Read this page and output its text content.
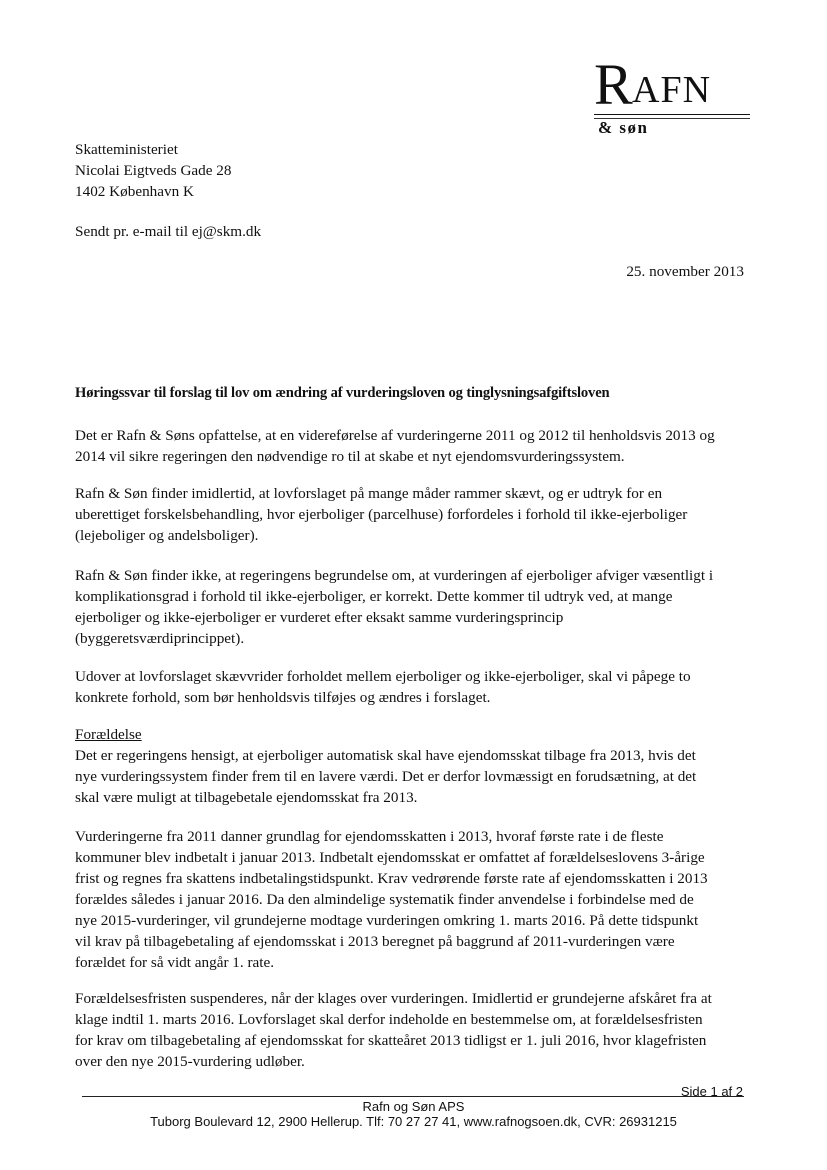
R AFN
& søn
Skatteministeriet
Nicolai Eigtveds Gade 28
1402 København K
Sendt pr. e-mail til ej@skm.dk
25. november 2013
Høringssvar til forslag til lov om ændring af vurderingsloven og tinglysningsafgiftsloven
Det er Rafn & Søns opfattelse, at en videreførelse af vurderingerne 2011 og 2012 til henholdsvis 2013 og
2014 vil sikre regeringen den nødvendige ro til at skabe et nyt ejendomsvurderingssystem.
Rafn & Søn finder imidlertid, at lovforslaget på mange måder rammer skævt, og er udtryk for en
uberettiget forskelsbehandling, hvor ejerboliger (parcelhuse) forfordeles i forhold til ikke-ejerboliger
(lejeboliger og andelsboliger).
Rafn & Søn finder ikke, at regeringens begrundelse om, at vurderingen af ejerboliger afviger væsentligt i
komplikationsgrad i forhold til ikke-ejerboliger, er korrekt. Dette kommer til udtryk ved, at mange
ejerboliger og ikke-ejerboliger er vurderet efter eksakt samme vurderingsprincip
(byggeretsværdiprincippet).
Udover at lovforslaget skævvrider forholdet mellem ejerboliger og ikke-ejerboliger, skal vi påpege to
konkrete forhold, som bør henholdsvis tilføjes og ændres i forslaget.
Forældelse
Det er regeringens hensigt, at ejerboliger automatisk skal have ejendomsskat tilbage fra 2013, hvis det
nye vurderingssystem finder frem til en lavere værdi. Det er derfor lovmæssigt en forudsætning, at det
skal være muligt at tilbagebetale ejendomsskat fra 2013.
Vurderingerne fra 2011 danner grundlag for ejendomsskatten i 2013, hvoraf første rate i de fleste
kommuner blev indbetalt i januar 2013. Indbetalt ejendomsskat er omfattet af forældelseslovens 3-årige
frist og regnes fra skattens indbetalingstidspunkt. Krav vedrørende første rate af ejendomsskatten i 2013
forældes således i januar 2016. Da den almindelige systematik finder anvendelse i forbindelse med de
nye 2015-vurderinger, vil grundejerne modtage vurderingen omkring 1. marts 2016. På dette tidspunkt
vil krav på tilbagebetaling af ejendomsskat i 2013 beregnet på baggrund af 2011-vurderingen være
forældet for så vidt angår 1. rate.
Forældelsesfristen suspenderes, når der klages over vurderingen. Imidlertid er grundejerne afskåret fra at
klage indtil 1. marts 2016. Lovforslaget skal derfor indeholde en bestemmelse om, at forældelsesfristen
for krav om tilbagebetaling af ejendomsskat for skatteåret 2013 tidligst er 1. juli 2016, hvor klagefristen
over den nye 2015-vurdering udløber.
Side 1 af 2
Rafn og Søn APS
Tuborg Boulevard 12, 2900 Hellerup. Tlf: 70 27 27 41, www.rafnogsoen.dk, CVR: 26931215
